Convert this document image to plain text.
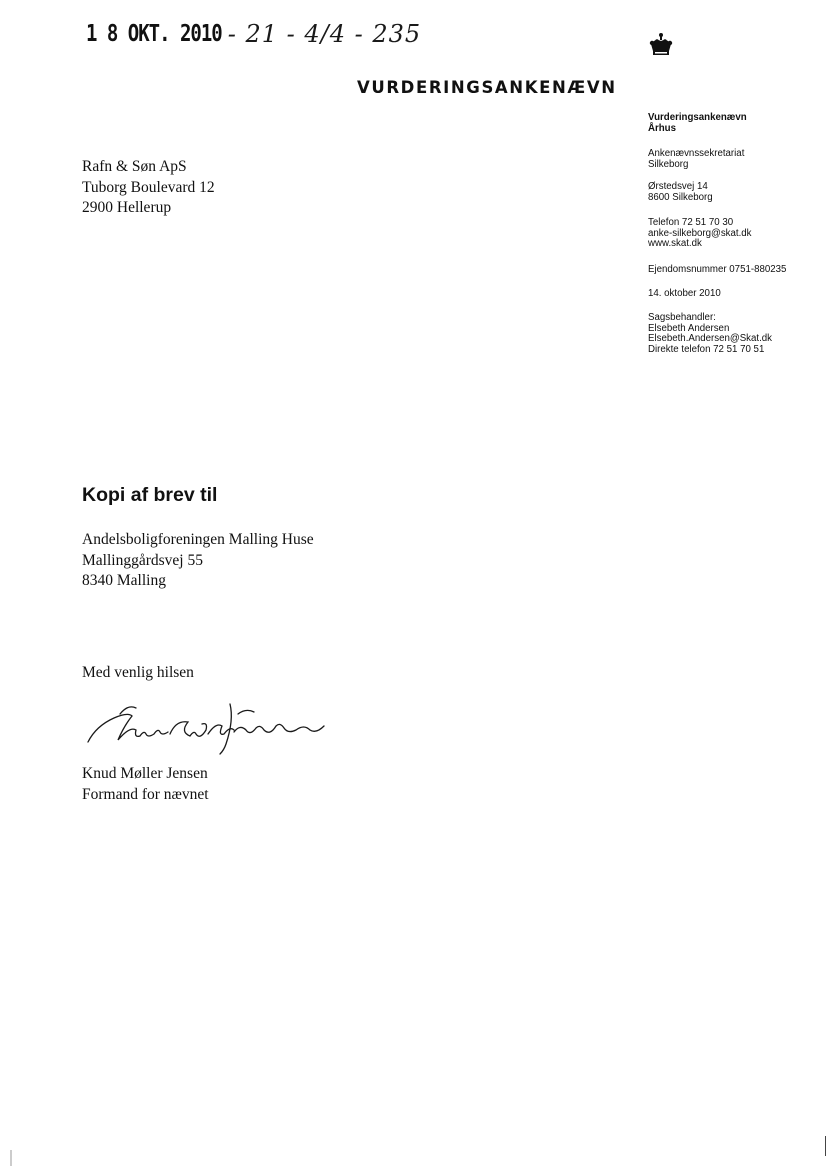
1 8 OKT. 2010 - 21 - 4/4 - 235
VURDERINGSANKENÆVN
Vurderingsankenævn
Århus
Ankenævnssekretariat
Silkeborg
Ørstedsvej 14
8600 Silkeborg
Telefon 72 51 70 30
anke-silkeborg@skat.dk
www.skat.dk
Ejendomsnummer 0751-880235
14. oktober 2010
Sagsbehandler:
Elsebeth Andersen
Elsebeth.Andersen@Skat.dk
Direkte telefon 72 51 70 51
Rafn & Søn ApS
Tuborg Boulevard 12
2900 Hellerup
Kopi af brev til
Andelsboligforeningen Malling Huse
Mallinggårdsvej 55
8340 Malling
Med venlig hilsen
Knud Møller Jensen
Formand for nævnet
